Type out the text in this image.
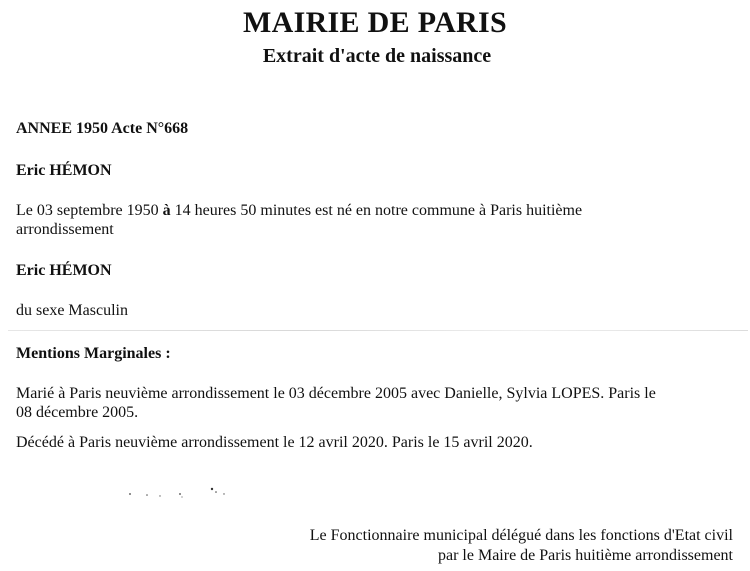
MAIRIE DE PARIS
Extrait d'acte de naissance
ANNEE 1950 Acte N°668
Eric HÉMON
Le 03 septembre 1950 à 14 heures 50 minutes est né en notre commune à Paris huitième
arrondissement
Eric HÉMON
du sexe Masculin
Mentions Marginales :
Marié à Paris neuvième arrondissement le 03 décembre 2005 avec Danielle, Sylvia LOPES. Paris le
08 décembre 2005.
Décédé à Paris neuvième arrondissement le 12 avril 2020. Paris le 15 avril 2020.
Le Fonctionnaire municipal délégué dans les fonctions d'Etat civil
par le Maire de Paris huitième arrondissement
